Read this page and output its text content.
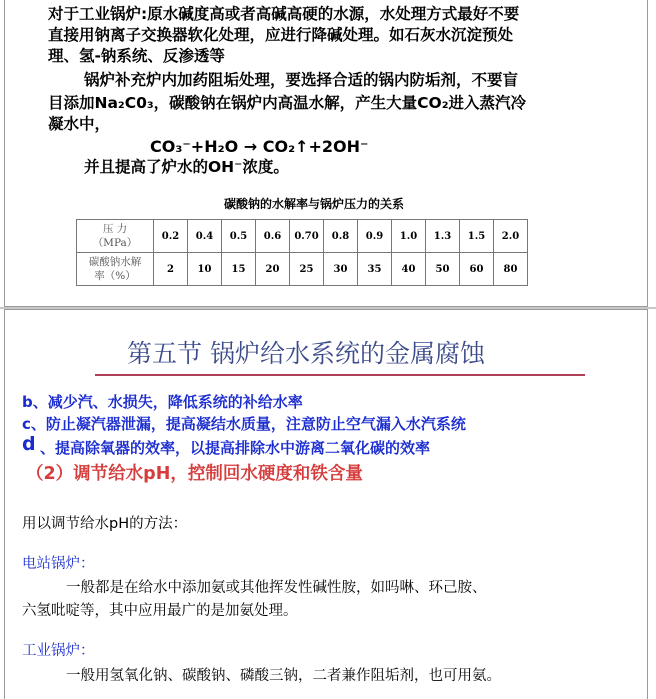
对于工业锅炉:原水碱度高或者高碱高硬的水源，水处理方式最好不要
直接用钠离子交换器软化处理，应进行降碱处理。如石灰水沉淀预处
理、氢-钠系统、反渗透等
锅炉补充炉内加药阻垢处理，要选择合适的锅内防垢剂，不要盲
目添加Na₂C0₃，碳酸钠在锅炉内高温水解，产生大量CO₂进入蒸汽冷
凝水中，
CO₃⁻+H₂O → CO₂↑+2OH⁻
并且提高了炉水的OH⁻浓度。
碳酸钠的水解率与锅炉压力的关系
压 力
（MPa）	0.2	0.4	0.5	0.6	0.70	0.8	0.9	1.0	1.3	1.5	2.0
碳酸钠水解
率（%）	2	10	15	20	25	30	35	40	50	60	80
第五节 锅炉给水系统的金属腐蚀
b、减少汽、水损失，降低系统的补给水率
c、防止凝汽器泄漏，提高凝结水质量，注意防止空气漏入水汽系统
d 、提高除氧器的效率，以提高排除水中游离二氧化碳的效率
（2）调节给水pH，控制回水硬度和铁含量
用以调节给水pH的方法：
电站锅炉：
一般都是在给水中添加氨或其他挥发性碱性胺，如吗啉、环己胺、
六氢吡啶等，其中应用最广的是加氨处理。
工业锅炉：
一般用氢氧化钠、碳酸钠、磷酸三钠，二者兼作阻垢剂，也可用氨。
